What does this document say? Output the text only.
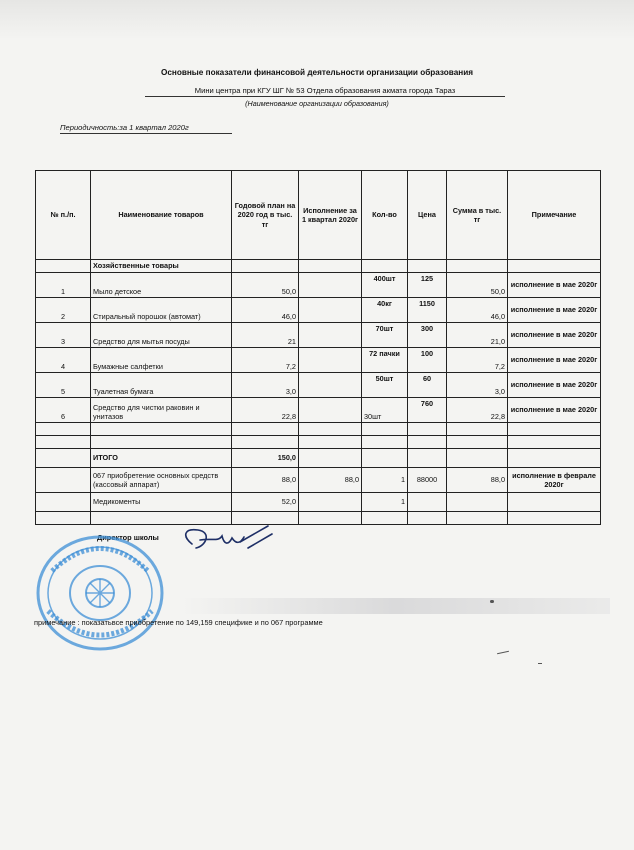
Основные показатели финансовой деятельности организации образования
Мини центра при КГУ ШГ № 53 Отдела образования акмата города Тараз
(Наименование организации образования)
Периодичность:за 1 квартал 2020г
№ п./п.	Наименование товаров	Годовой план на 2020 год в тыс. тг	Исполнение за 1 квартал 2020г	Кол-во	Цена	Сумма в тыс. тг	Примечание
	Хозяйственные товары						
1	Мыло детское	50,0		400шт	125	50,0	исполнение в мае 2020г
2	Стиральный порошок (автомат)	46,0		40кг	1150	46,0	исполнение в мае 2020г
3	Средство для мытья посуды	21		70шт	300	21,0	исполнение в мае 2020г
4	Бумажные салфетки	7,2		72 пачки	100	7,2	исполнение в мае 2020г
5	Туалетная бумага	3,0		50шт	60	3,0	исполнение в мае 2020г
6	Средство для чистки раковин и унитазов	22,8		30шт	760	22,8	исполнение в мае 2020г

	ИТОГО	150,0					
	067 приобретение основных средств (кассовый аппарат)	88,0	88,0	1	88000	88,0	исполнение в феврале 2020г
	Медикоменты	52,0		1			

Директор школы
примечание : показатьвсе приобретение по 149,159 специфике и по 067 программе
